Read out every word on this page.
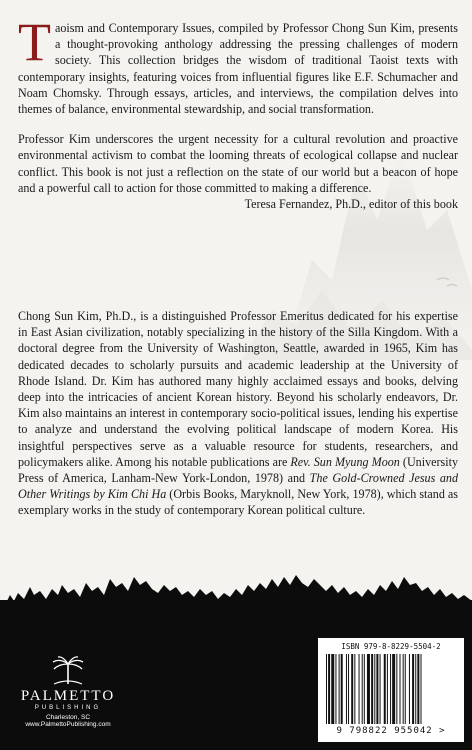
Taoism and Contemporary Issues, compiled by Professor Chong Sun Kim, presents a thought-provoking anthology addressing the pressing challenges of modern society. This collection bridges the wisdom of traditional Taoist texts with contemporary insights, featuring voices from influential figures like E.F. Schumacher and Noam Chomsky. Through essays, articles, and interviews, the compilation delves into themes of balance, environmental stewardship, and social transformation.

Professor Kim underscores the urgent necessity for a cultural revolution and proactive environmental activism to combat the looming threats of ecological collapse and nuclear conflict. This book is not just a reflection on the state of our world but a beacon of hope and a powerful call to action for those committed to making a difference.

Teresa Fernandez, Ph.D., editor of this book

Chong Sun Kim, Ph.D., is a distinguished Professor Emeritus dedicated for his expertise in East Asian civilization, notably specializing in the history of the Silla Kingdom. With a doctoral degree from the University of Washington, Seattle, awarded in 1965, Kim has dedicated decades to scholarly pursuits and academic leadership at the University of Rhode Island. Dr. Kim has authored many highly acclaimed essays and books, delving deep into the intricacies of ancient Korean history. Beyond his scholarly endeavors, Dr. Kim also maintains an interest in contemporary socio-political issues, lending his expertise to analyze and understand the evolving political landscape of modern Korea. His insightful perspectives serve as a valuable resource for students, researchers, and policymakers alike. Among his notable publications are Rev. Sun Myung Moon (University Press of America, Lanham-New York-London, 1978) and The Gold-Crowned Jesus and Other Writings by Kim Chi Ha (Orbis Books, Maryknoll, New York, 1978), which stand as exemplary works in the study of contemporary Korean political culture.

PALMETTO
PUBLISHING
Charleston, SC
www.PalmettoPublishing.com
ISBN 979-8-8229-5504-2
9 798822 955042 >
